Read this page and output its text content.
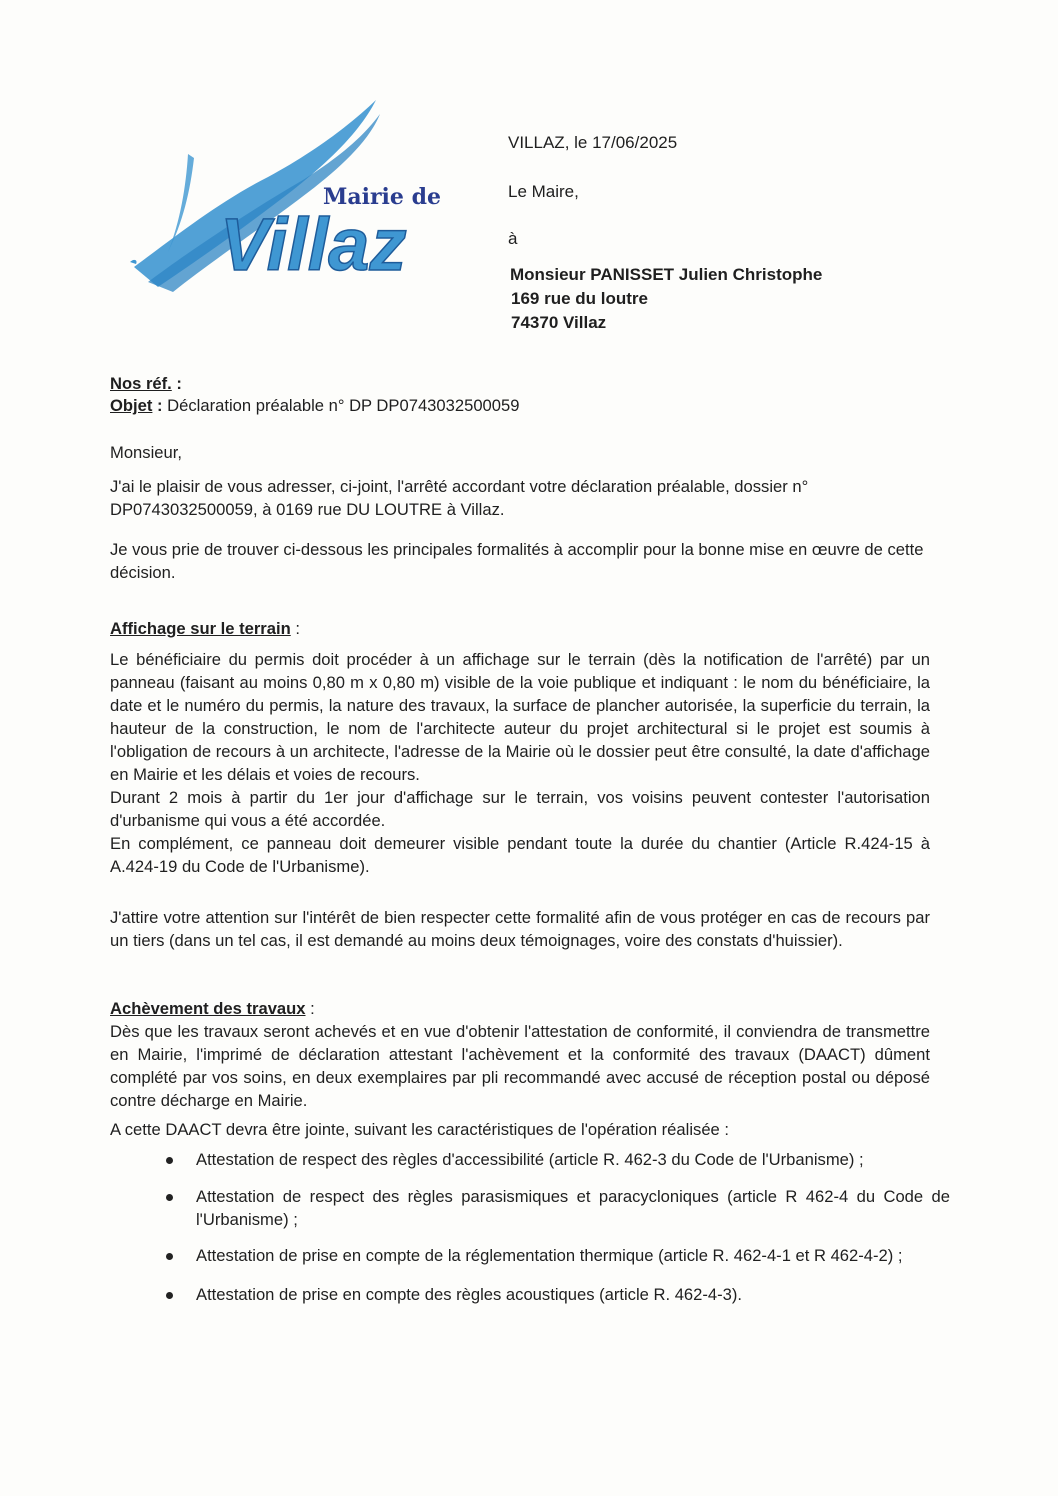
Mairie de
Villaz
VILLAZ, le 17/06/2025
Le Maire,
à
Monsieur PANISSET Julien Christophe
169 rue du loutre
74370 Villaz
Nos réf. :
Objet : Déclaration préalable n° DP DP0743032500059
Monsieur,
J'ai le plaisir de vous adresser, ci-joint, l'arrêté accordant votre déclaration préalable, dossier n° DP0743032500059, à 0169 rue DU LOUTRE à Villaz.
Je vous prie de trouver ci-dessous les principales formalités à accomplir pour la bonne mise en œuvre de cette décision.
Affichage sur le terrain :

Le bénéficiaire du permis doit procéder à un affichage sur le terrain (dès la notification de l'arrêté) par un panneau (faisant au moins 0,80 m x 0,80 m) visible de la voie publique et indiquant : le nom du bénéficiaire, la date et le numéro du permis, la nature des travaux, la surface de plancher autorisée, la superficie du terrain, la hauteur de la construction, le nom de l'architecte auteur du projet architectural si le projet est soumis à l'obligation de recours à un architecte, l'adresse de la Mairie où le dossier peut être consulté, la date d'affichage en Mairie et les délais et voies de recours.

Durant 2 mois à partir du 1er jour d'affichage sur le terrain, vos voisins peuvent contester l'autorisation d'urbanisme qui vous a été accordée.

En complément, ce panneau doit demeurer visible pendant toute la durée du chantier (Article R.424-15 à A.424-19 du Code de l'Urbanisme).

J'attire votre attention sur l'intérêt de bien respecter cette formalité afin de vous protéger en cas de recours par un tiers (dans un tel cas, il est demandé au moins deux témoignages, voire des constats d'huissier).
Achèvement des travaux :
Dès que les travaux seront achevés et en vue d'obtenir l'attestation de conformité, il conviendra de transmettre en Mairie, l'imprimé de déclaration attestant l'achèvement et la conformité des travaux (DAACT) dûment complété par vos soins, en deux exemplaires par pli recommandé avec accusé de réception postal ou déposé contre décharge en Mairie.
A cette DAACT devra être jointe, suivant les caractéristiques de l'opération réalisée :
Attestation de respect des règles d'accessibilité (article R. 462-3 du Code de l'Urbanisme) ;
Attestation de respect des règles parasismiques et paracycloniques (article R 462-4 du Code de l'Urbanisme) ;
Attestation de prise en compte de la réglementation thermique (article R. 462-4-1 et R 462-4-2) ;
Attestation de prise en compte des règles acoustiques (article R. 462-4-3).
